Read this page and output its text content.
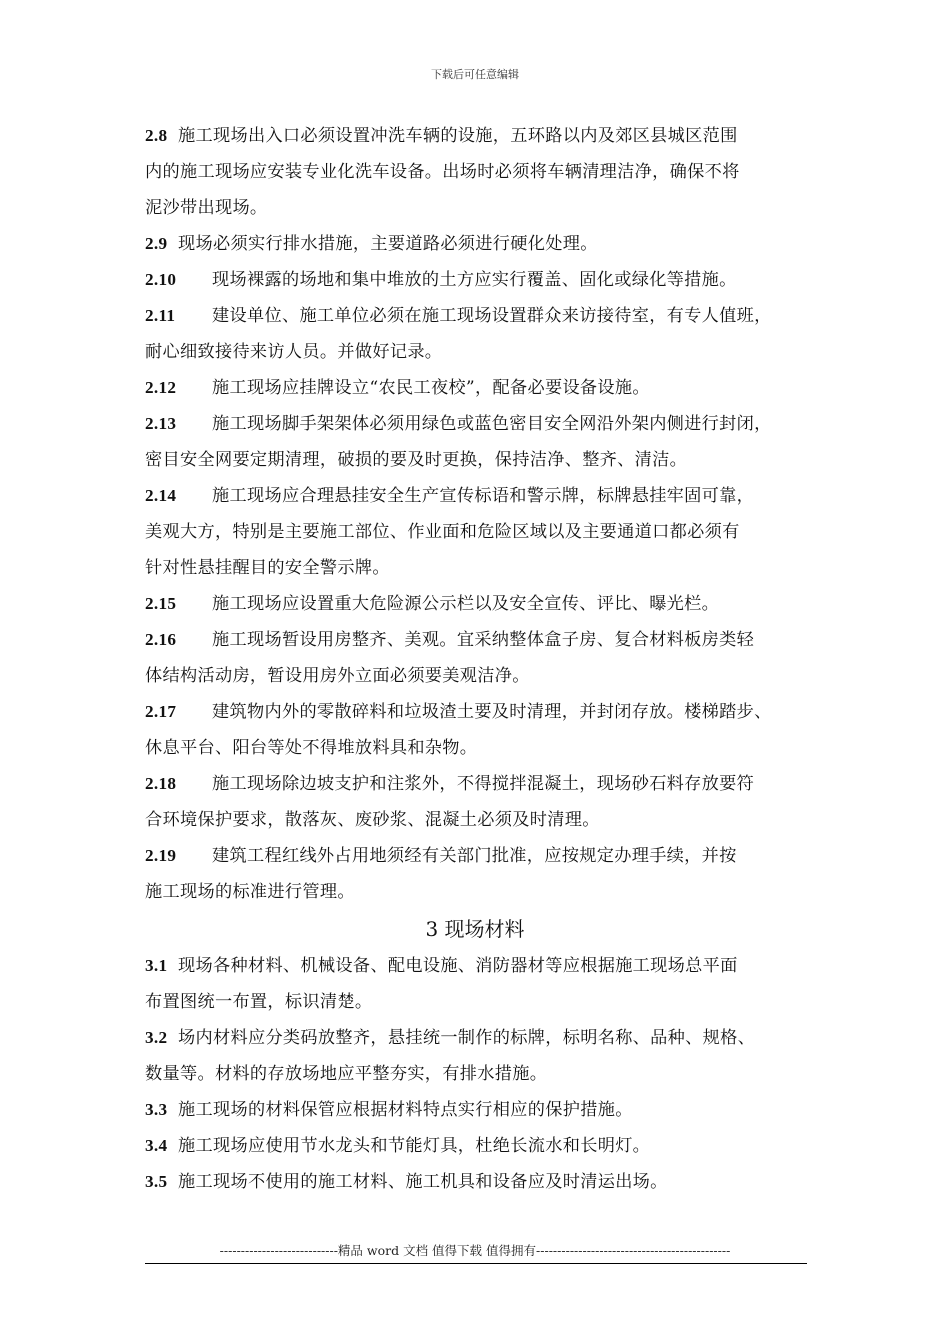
下载后可任意编辑
2.8 施工现场出入口必须设置冲洗车辆的设施，五环路以内及郊区县城区范围
内的施工现场应安装专业化洗车设备。出场时必须将车辆清理洁净，确保不将
泥沙带出现场。
2.9 现场必须实行排水措施，主要道路必须进行硬化处理。
2.10 现场裸露的场地和集中堆放的土方应实行覆盖、固化或绿化等措施。
2.11 建设单位、施工单位必须在施工现场设置群众来访接待室，有专人值班，
耐心细致接待来访人员。并做好记录。
2.12 施工现场应挂牌设立“农民工夜校”，配备必要设备设施。
2.13 施工现场脚手架架体必须用绿色或蓝色密目安全网沿外架内侧进行封闭，
密目安全网要定期清理，破损的要及时更换，保持洁净、整齐、清洁。
2.14 施工现场应合理悬挂安全生产宣传标语和警示牌，标牌悬挂牢固可靠，
美观大方，特别是主要施工部位、作业面和危险区域以及主要通道口都必须有
针对性悬挂醒目的安全警示牌。
2.15 施工现场应设置重大危险源公示栏以及安全宣传、评比、曝光栏。
2.16 施工现场暂设用房整齐、美观。宜采纳整体盒子房、复合材料板房类轻
体结构活动房，暂设用房外立面必须要美观洁净。
2.17 建筑物内外的零散碎料和垃圾渣土要及时清理，并封闭存放。楼梯踏步、
休息平台、阳台等处不得堆放料具和杂物。
2.18 施工现场除边坡支护和注浆外，不得搅拌混凝土，现场砂石料存放要符
合环境保护要求，散落灰、废砂浆、混凝土必须及时清理。
2.19 建筑工程红线外占用地须经有关部门批准，应按规定办理手续，并按
施工现场的标准进行管理。
3 现场材料
3.1 现场各种材料、机械设备、配电设施、消防器材等应根据施工现场总平面
布置图统一布置，标识清楚。
3.2 场内材料应分类码放整齐，悬挂统一制作的标牌，标明名称、品种、规格、
数量等。材料的存放场地应平整夯实，有排水措施。
3.3 施工现场的材料保管应根据材料特点实行相应的保护措施。
3.4 施工现场应使用节水龙头和节能灯具，杜绝长流水和长明灯。
3.5 施工现场不使用的施工材料、施工机具和设备应及时清运出场。
----------------------------精品 word 文档 值得下载 值得拥有----------------------------------------------
